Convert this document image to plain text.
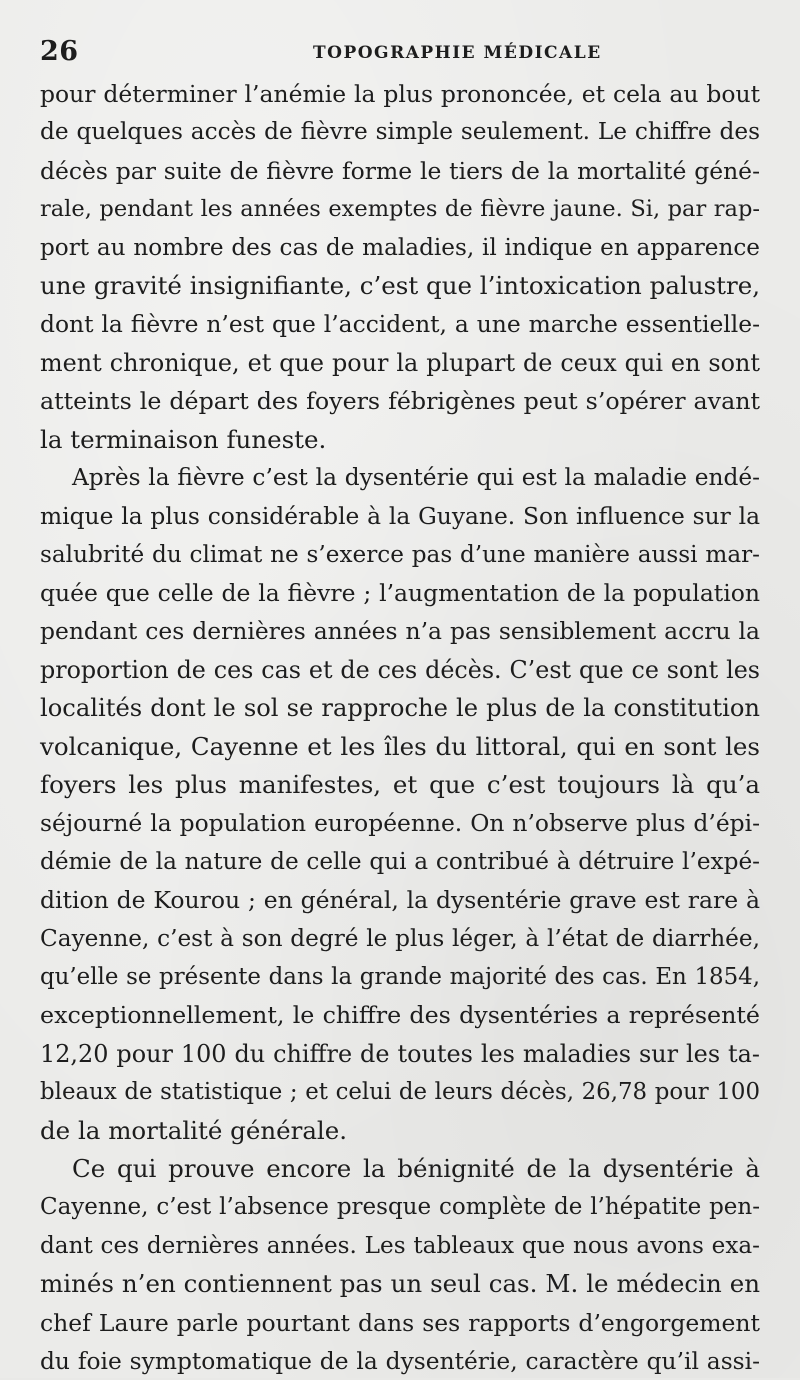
26	TOPOGRAPHIE MÉDICALE
pour déterminer l’anémie la plus prononcée, et cela au bout
de quelques accès de fièvre simple seulement. Le chiffre des
décès par suite de fièvre forme le tiers de la mortalité géné-
rale, pendant les années exemptes de fièvre jaune. Si, par rap-
port au nombre des cas de maladies, il indique en apparence
une gravité insignifiante, c’est que l’intoxication palustre,
dont la fièvre n’est que l’accident, a une marche essentielle-
ment chronique, et que pour la plupart de ceux qui en sont
atteints le départ des foyers fébrigènes peut s’opérer avant
la terminaison funeste.
Après la fièvre c’est la dysentérie qui est la maladie endé-
mique la plus considérable à la Guyane. Son influence sur la
salubrité du climat ne s’exerce pas d’une manière aussi mar-
quée que celle de la fièvre ; l’augmentation de la population
pendant ces dernières années n’a pas sensiblement accru la
proportion de ces cas et de ces décès. C’est que ce sont les
localités dont le sol se rapproche le plus de la constitution
volcanique, Cayenne et les îles du littoral, qui en sont les
foyers les plus manifestes, et que c’est toujours là qu’a
séjourné la population européenne. On n’observe plus d’épi-
démie de la nature de celle qui a contribué à détruire l’expé-
dition de Kourou ; en général, la dysentérie grave est rare à
Cayenne, c’est à son degré le plus léger, à l’état de diarrhée,
qu’elle se présente dans la grande majorité des cas. En 1854,
exceptionnellement, le chiffre des dysentéries a représenté
12,20 pour 100 du chiffre de toutes les maladies sur les ta-
bleaux de statistique ; et celui de leurs décès, 26,78 pour 100
de la mortalité générale.
Ce qui prouve encore la bénignité de la dysentérie à
Cayenne, c’est l’absence presque complète de l’hépatite pen-
dant ces dernières années. Les tableaux que nous avons exa-
minés n’en contiennent pas un seul cas. M. le médecin en
chef Laure parle pourtant dans ses rapports d’engorgement
du foie symptomatique de la dysentérie, caractère qu’il assi-
